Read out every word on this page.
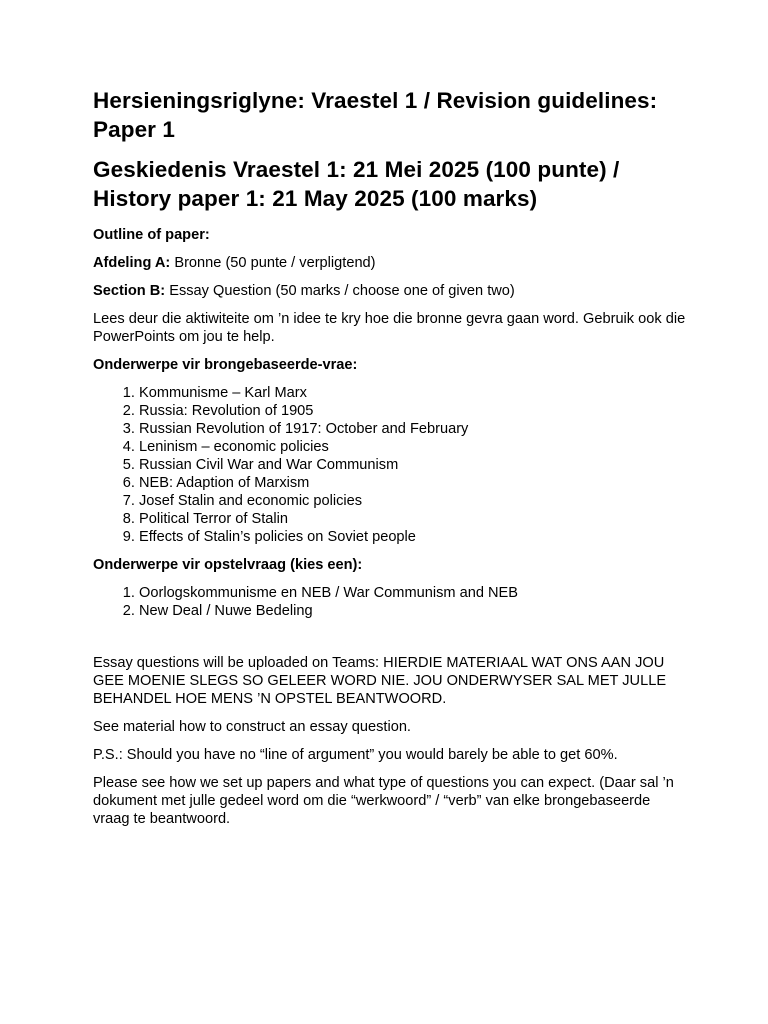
Hersieningsriglyne: Vraestel 1 / Revision guidelines: Paper 1
Geskiedenis Vraestel 1: 21 Mei 2025 (100 punte) / History paper 1: 21 May 2025 (100 marks)

Outline of paper:

Afdeling A: Bronne (50 punte / verpligtend)

Section B: Essay Question (50 marks / choose one of given two)

Lees deur die aktiwiteite om ’n idee te kry hoe die bronne gevra gaan word. Gebruik ook die PowerPoints om jou te help.

Onderwerpe vir brongebaseerde-vrae:

1. Kommunisme – Karl Marx
2. Russia: Revolution of 1905
3. Russian Revolution of 1917: October and February
4. Leninism – economic policies
5. Russian Civil War and War Communism
6. NEB: Adaption of Marxism
7. Josef Stalin and economic policies
8. Political Terror of Stalin
9. Effects of Stalin’s policies on Soviet people

Onderwerpe vir opstelvraag (kies een):

1. Oorlogskommunisme en NEB / War Communism and NEB
2. New Deal / Nuwe Bedeling

Essay questions will be uploaded on Teams: HIERDIE MATERIAAL WAT ONS AAN JOU GEE MOENIE SLEGS SO GELEER WORD NIE. JOU ONDERWYSER SAL MET JULLE BEHANDEL HOE MENS ’N OPSTEL BEANTWOORD.

See material how to construct an essay question.

P.S.: Should you have no “line of argument” you would barely be able to get 60%.

Please see how we set up papers and what type of questions you can expect. (Daar sal ’n dokument met julle gedeel word om die “werkwoord” / “verb” van elke brongebaseerde vraag te beantwoord.
